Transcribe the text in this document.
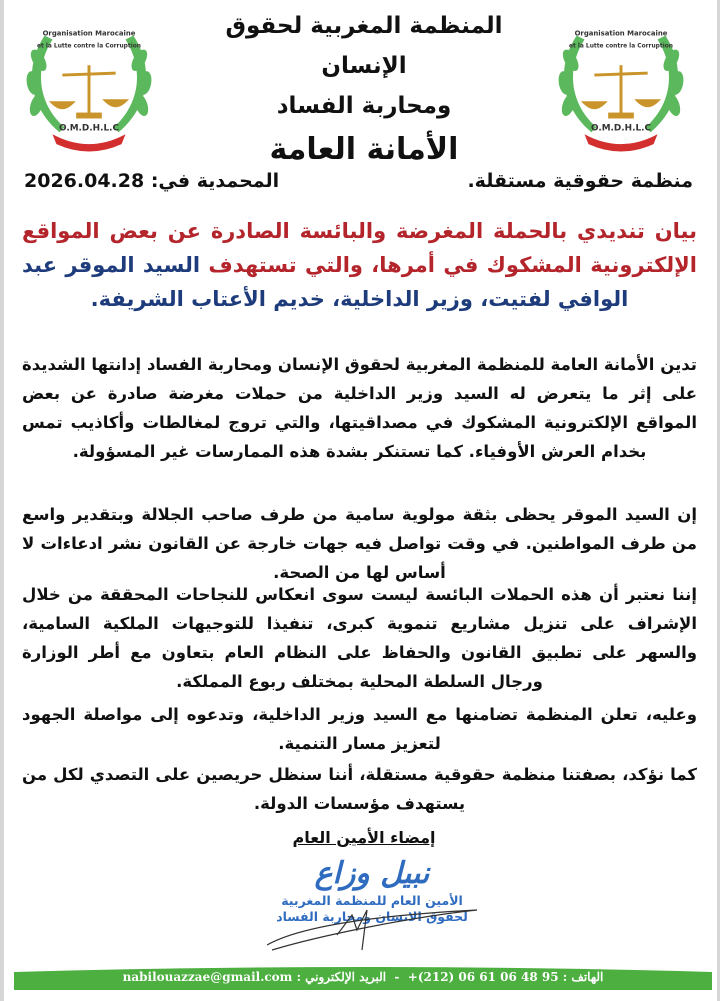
O.M.D.H.L.C
Organisation Marocaine
et la Lutte contre la Corruption
المنظمة المغربية لحقوق الإنسان
ومحاربة الفساد
الأمانة العامة
O.M.D.H.L.C
Organisation Marocaine
et la Lutte contre la Corruption
منظمة حقوقية مستقلة.
المحمدية في: 2026.04.28
بيان تنديدي بالحملة المغرضة والبائسة الصادرة عن بعض المواقع الإلكترونية المشكوك في أمرها، والتي تستهدف السيد الموقر عبد الوافي لفتيت، وزير الداخلية، خديم الأعتاب الشريفة.

تدين الأمانة العامة للمنظمة المغربية لحقوق الإنسان ومحاربة الفساد إدانتها الشديدة على إثر ما يتعرض له السيد وزير الداخلية من حملات مغرضة صادرة عن بعض المواقع الإلكترونية المشكوك في مصداقيتها، والتي تروج لمغالطات وأكاذيب تمس بخدام العرش الأوفياء. كما تستنكر بشدة هذه الممارسات غير المسؤولة.

إن السيد الموقر يحظى بثقة مولوية سامية من طرف صاحب الجلالة وبتقدير واسع من طرف المواطنين. في وقت تواصل فيه جهات خارجة عن القانون نشر ادعاءات لا أساس لها من الصحة.

إننا نعتبر أن هذه الحملات البائسة ليست سوى انعكاس للنجاحات المحققة من خلال الإشراف على تنزيل مشاريع تنموية كبرى، تنفيذا للتوجيهات الملكية السامية، والسهر على تطبيق القانون والحفاظ على النظام العام بتعاون مع أطر الوزارة ورجال السلطة المحلية بمختلف ربوع المملكة.

وعليه، تعلن المنظمة تضامنها مع السيد وزير الداخلية، وتدعوه إلى مواصلة الجهود لتعزيز مسار التنمية.

كما نؤكد، بصفتنا منظمة حقوقية مستقلة، أننا سنظل حريصين على التصدي لكل من يستهدف مؤسسات الدولة.

إمضاء الأمين العام
نبيل وزاع
الأمين العام للمنظمة المغربية
لحقوق الانسان ومحاربة الفساد
nabilouazzae@gmail.com البريد الإلكتروني : - +(212) 06 61 06 48 95 الهاتف :
